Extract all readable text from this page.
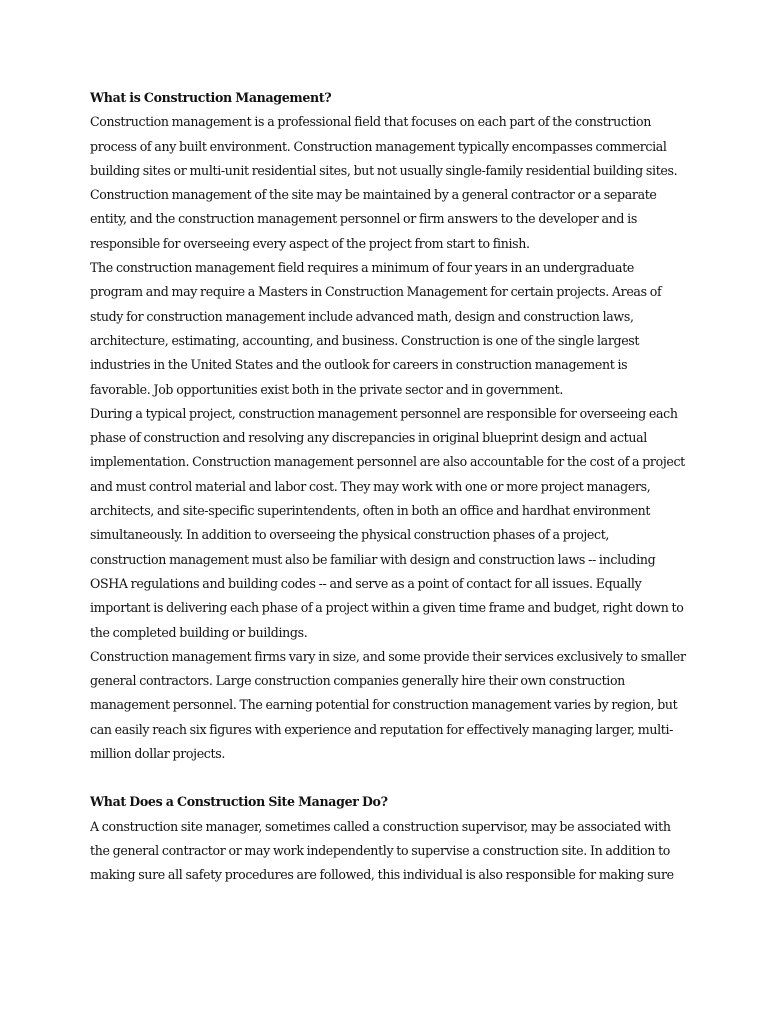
What is Construction Management?

Construction management is a professional field that focuses on each part of the construction process of any built environment. Construction management typically encompasses commercial building sites or multi-unit residential sites, but not usually single-family residential building sites. Construction management of the site may be maintained by a general contractor or a separate entity, and the construction management personnel or firm answers to the developer and is responsible for overseeing every aspect of the project from start to finish.

The construction management field requires a minimum of four years in an undergraduate program and may require a Masters in Construction Management for certain projects. Areas of study for construction management include advanced math, design and construction laws, architecture, estimating, accounting, and business. Construction is one of the single largest industries in the United States and the outlook for careers in construction management is favorable. Job opportunities exist both in the private sector and in government.

During a typical project, construction management personnel are responsible for overseeing each phase of construction and resolving any discrepancies in original blueprint design and actual implementation. Construction management personnel are also accountable for the cost of a project and must control material and labor cost. They may work with one or more project managers, architects, and site-specific superintendents, often in both an office and hardhat environment simultaneously. In addition to overseeing the physical construction phases of a project, construction management must also be familiar with design and construction laws -- including OSHA regulations and building codes -- and serve as a point of contact for all issues. Equally important is delivering each phase of a project within a given time frame and budget, right down to the completed building or buildings.

Construction management firms vary in size, and some provide their services exclusively to smaller general contractors. Large construction companies generally hire their own construction management personnel. The earning potential for construction management varies by region, but can easily reach six figures with experience and reputation for effectively managing larger, multi-million dollar projects.

What Does a Construction Site Manager Do?

A construction site manager, sometimes called a construction supervisor, may be associated with the general contractor or may work independently to supervise a construction site. In addition to making sure all safety procedures are followed, this individual is also responsible for making sure
